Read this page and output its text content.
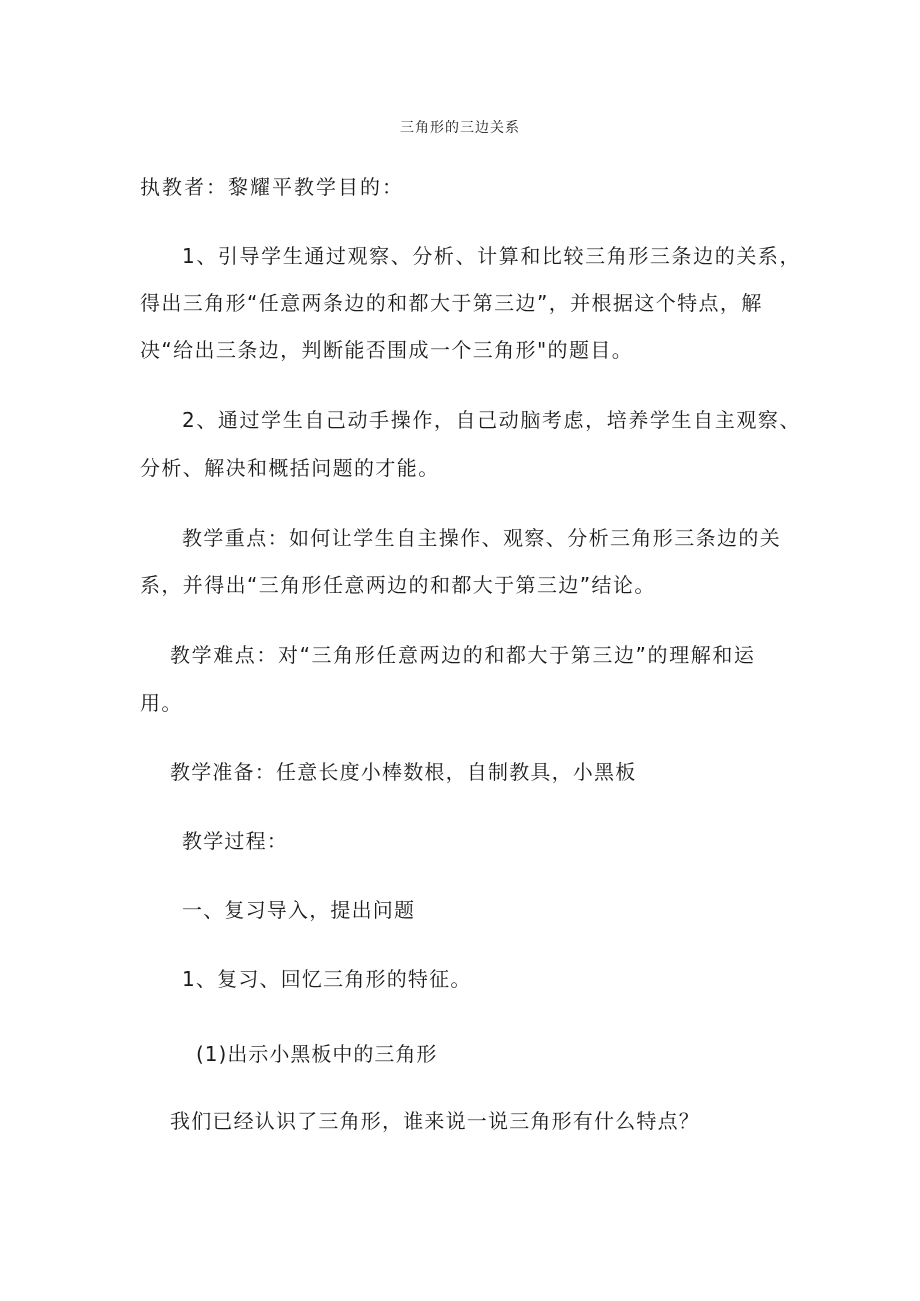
三角形的三边关系
执教者：黎耀平教学目的：
1、引导学生通过观察、分析、计算和比较三角形三条边的关系，
得出三角形“任意两条边的和都大于第三边”，并根据这个特点，解
决“给出三条边，判断能否围成一个三角形"的题目。
2、通过学生自己动手操作，自己动脑考虑，培养学生自主观察、
分析、解决和概括问题的才能。
教学重点：如何让学生自主操作、观察、分析三角形三条边的关
系，并得出“三角形任意两边的和都大于第三边”结论。
教学难点：对“三角形任意两边的和都大于第三边”的理解和运
用。
教学准备：任意长度小棒数根，自制教具，小黑板
教学过程：
一、复习导入，提出问题
1、复习、回忆三角形的特征。
(1)出示小黑板中的三角形
我们已经认识了三角形，谁来说一说三角形有什么特点？
